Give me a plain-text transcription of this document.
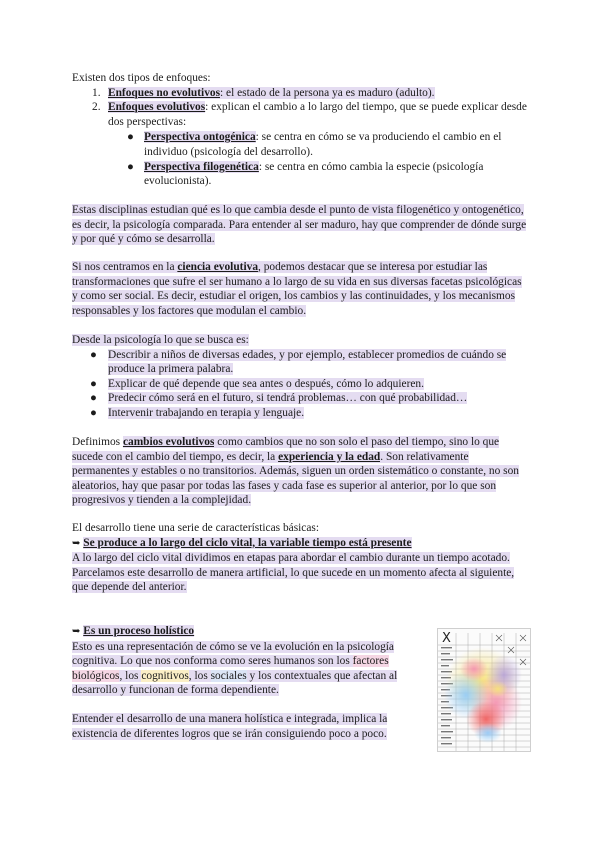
Existen dos tipos de enfoques:

1. Enfoques no evolutivos: el estado de la persona ya es maduro (adulto).
2. Enfoques evolutivos: explican el cambio a lo largo del tiempo, que se puede explicar desde dos perspectivas:
● Perspectiva ontogénica: se centra en cómo se va produciendo el cambio en el individuo (psicología del desarrollo).
● Perspectiva filogenética: se centra en cómo cambia la especie (psicología evolucionista).

Estas disciplinas estudian qué es lo que cambia desde el punto de vista filogenético y ontogenético, es decir, la psicología comparada. Para entender al ser maduro, hay que comprender de dónde surge y por qué y cómo se desarrolla.

Si nos centramos en la ciencia evolutiva, podemos destacar que se interesa por estudiar las transformaciones que sufre el ser humano a lo largo de su vida en sus diversas facetas psicológicas y como ser social. Es decir, estudiar el origen, los cambios y las continuidades, y los mecanismos responsables y los factores que modulan el cambio.

Desde la psicología lo que se busca es:

● Describir a niños de diversas edades, y por ejemplo, establecer promedios de cuándo se produce la primera palabra.
● Explicar de qué depende que sea antes o después, cómo lo adquieren.
● Predecir cómo será en el futuro, si tendrá problemas… con qué probabilidad…
● Intervenir trabajando en terapia y lenguaje.

Definimos cambios evolutivos como cambios que no son solo el paso del tiempo, sino lo que sucede con el cambio del tiempo, es decir, la experiencia y la edad. Son relativamente permanentes y estables o no transitorios. Además, siguen un orden sistemático o constante, no son aleatorios, hay que pasar por todas las fases y cada fase es superior al anterior, por lo que son progresivos y tienden a la complejidad.

El desarrollo tiene una serie de características básicas:

➥ Se produce a lo largo del ciclo vital, la variable tiempo está presente

A lo largo del ciclo vital dividimos en etapas para abordar el cambio durante un tiempo acotado. Parcelamos este desarrollo de manera artificial, lo que sucede en un momento afecta al siguiente, que depende del anterior.

➥ Es un proceso holístico

Esto es una representación de cómo se ve la evolución en la psicología cognitiva. Lo que nos conforma como seres humanos son los factores biológicos, los cognitivos, los sociales y los contextuales que afectan al desarrollo y funcionan de forma dependiente.

Entender el desarrollo de una manera holística e integrada, implica la existencia de diferentes logros que se irán consiguiendo poco a poco.

X
